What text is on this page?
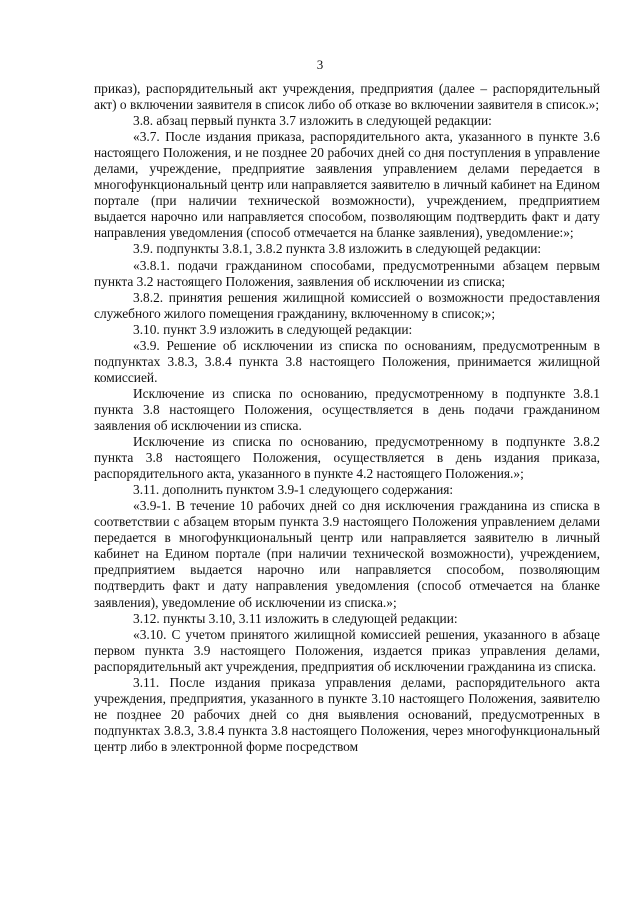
3

приказ), распорядительный акт учреждения, предприятия (далее – распорядительный акт) о включении заявителя в список либо об отказе во включении заявителя в список.»;

3.8. абзац первый пункта 3.7 изложить в следующей редакции:

«3.7. После издания приказа, распорядительного акта, указанного в пункте 3.6 настоящего Положения, и не позднее 20 рабочих дней со дня поступления в управление делами, учреждение, предприятие заявления управлением делами передается в многофункциональный центр или направляется заявителю в личный кабинет на Едином портале (при наличии технической возможности), учреждением, предприятием выдается нарочно или направляется способом, позволяющим подтвердить факт и дату направления уведомления (способ отмечается на бланке заявления), уведомление:»;

3.9. подпункты 3.8.1, 3.8.2 пункта 3.8 изложить в следующей редакции:

«3.8.1. подачи гражданином способами, предусмотренными абзацем первым пункта 3.2 настоящего Положения, заявления об исключении из списка;

3.8.2. принятия решения жилищной комиссией о возможности предоставления служебного жилого помещения гражданину, включенному в список;»;

3.10. пункт 3.9 изложить в следующей редакции:

«3.9. Решение об исключении из списка по основаниям, предусмотренным в подпунктах 3.8.3, 3.8.4 пункта 3.8 настоящего Положения, принимается жилищной комиссией.

Исключение из списка по основанию, предусмотренному в подпункте 3.8.1 пункта 3.8 настоящего Положения, осуществляется в день подачи гражданином заявления об исключении из списка.

Исключение из списка по основанию, предусмотренному в подпункте 3.8.2 пункта 3.8 настоящего Положения, осуществляется в день издания приказа, распорядительного акта, указанного в пункте 4.2 настоящего Положения.»;

3.11. дополнить пунктом 3.9-1 следующего содержания:

«3.9-1. В течение 10 рабочих дней со дня исключения гражданина из списка в соответствии с абзацем вторым пункта 3.9 настоящего Положения управлением делами передается в многофункциональный центр или направляется заявителю в личный кабинет на Едином портале (при наличии технической возможности), учреждением, предприятием выдается нарочно или направляется способом, позволяющим подтвердить факт и дату направления уведомления (способ отмечается на бланке заявления), уведомление об исключении из списка.»;

3.12. пункты 3.10, 3.11 изложить в следующей редакции:

«3.10. С учетом принятого жилищной комиссией решения, указанного в абзаце первом пункта 3.9 настоящего Положения, издается приказ управления делами, распорядительный акт учреждения, предприятия об исключении гражданина из списка.

3.11. После издания приказа управления делами, распорядительного акта учреждения, предприятия, указанного в пункте 3.10 настоящего Положения, заявителю не позднее 20 рабочих дней со дня выявления оснований, предусмотренных в подпунктах 3.8.3, 3.8.4 пункта 3.8 настоящего Положения, через многофункциональный центр либо в электронной форме посредством
